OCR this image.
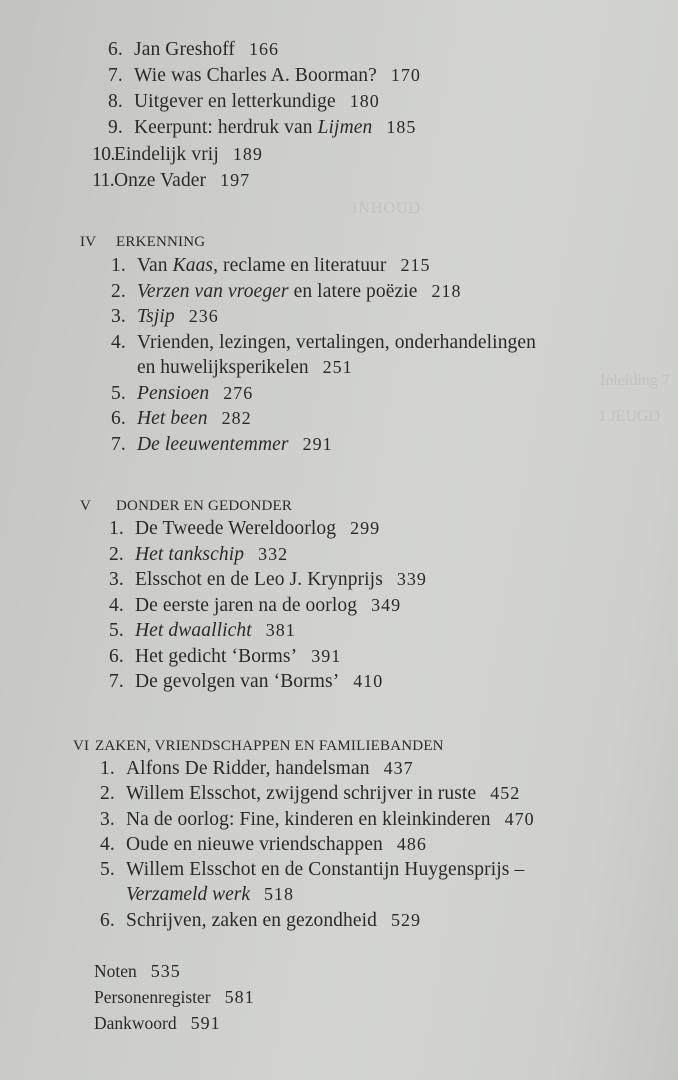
INHOUD
Inleiding 7
I JEUGD
6. Jan Greshoff 166
7. Wie was Charles A. Boorman? 170
8. Uitgever en letterkundige 180
9. Keerpunt: herdruk van Lijmen 185
10.Eindelijk vrij 189
11.Onze Vader 197
IV ERKENNING
1. Van Kaas, reclame en literatuur 215
2. Verzen van vroeger en latere poëzie 218
3. Tsjip 236
4. Vrienden, lezingen, vertalingen, onderhandelingen
en huwelijksperikelen 251
5. Pensioen 276
6. Het been 282
7. De leeuwentemmer 291
V DONDER EN GEDONDER
1. De Tweede Wereldoorlog 299
2. Het tankschip 332
3. Elsschot en de Leo J. Krynprijs 339
4. De eerste jaren na de oorlog 349
5. Het dwaallicht 381
6. Het gedicht ‘Borms’ 391
7. De gevolgen van ‘Borms’ 410
VI ZAKEN, VRIENDSCHAPPEN EN FAMILIEBANDEN
1. Alfons De Ridder, handelsman 437
2. Willem Elsschot, zwijgend schrijver in ruste 452
3. Na de oorlog: Fine, kinderen en kleinkinderen 470
4. Oude en nieuwe vriendschappen 486
5. Willem Elsschot en de Constantijn Huygensprijs –
Verzameld werk 518
6. Schrijven, zaken en gezondheid 529
Noten 535
Personenregister 581
Dankwoord 591
